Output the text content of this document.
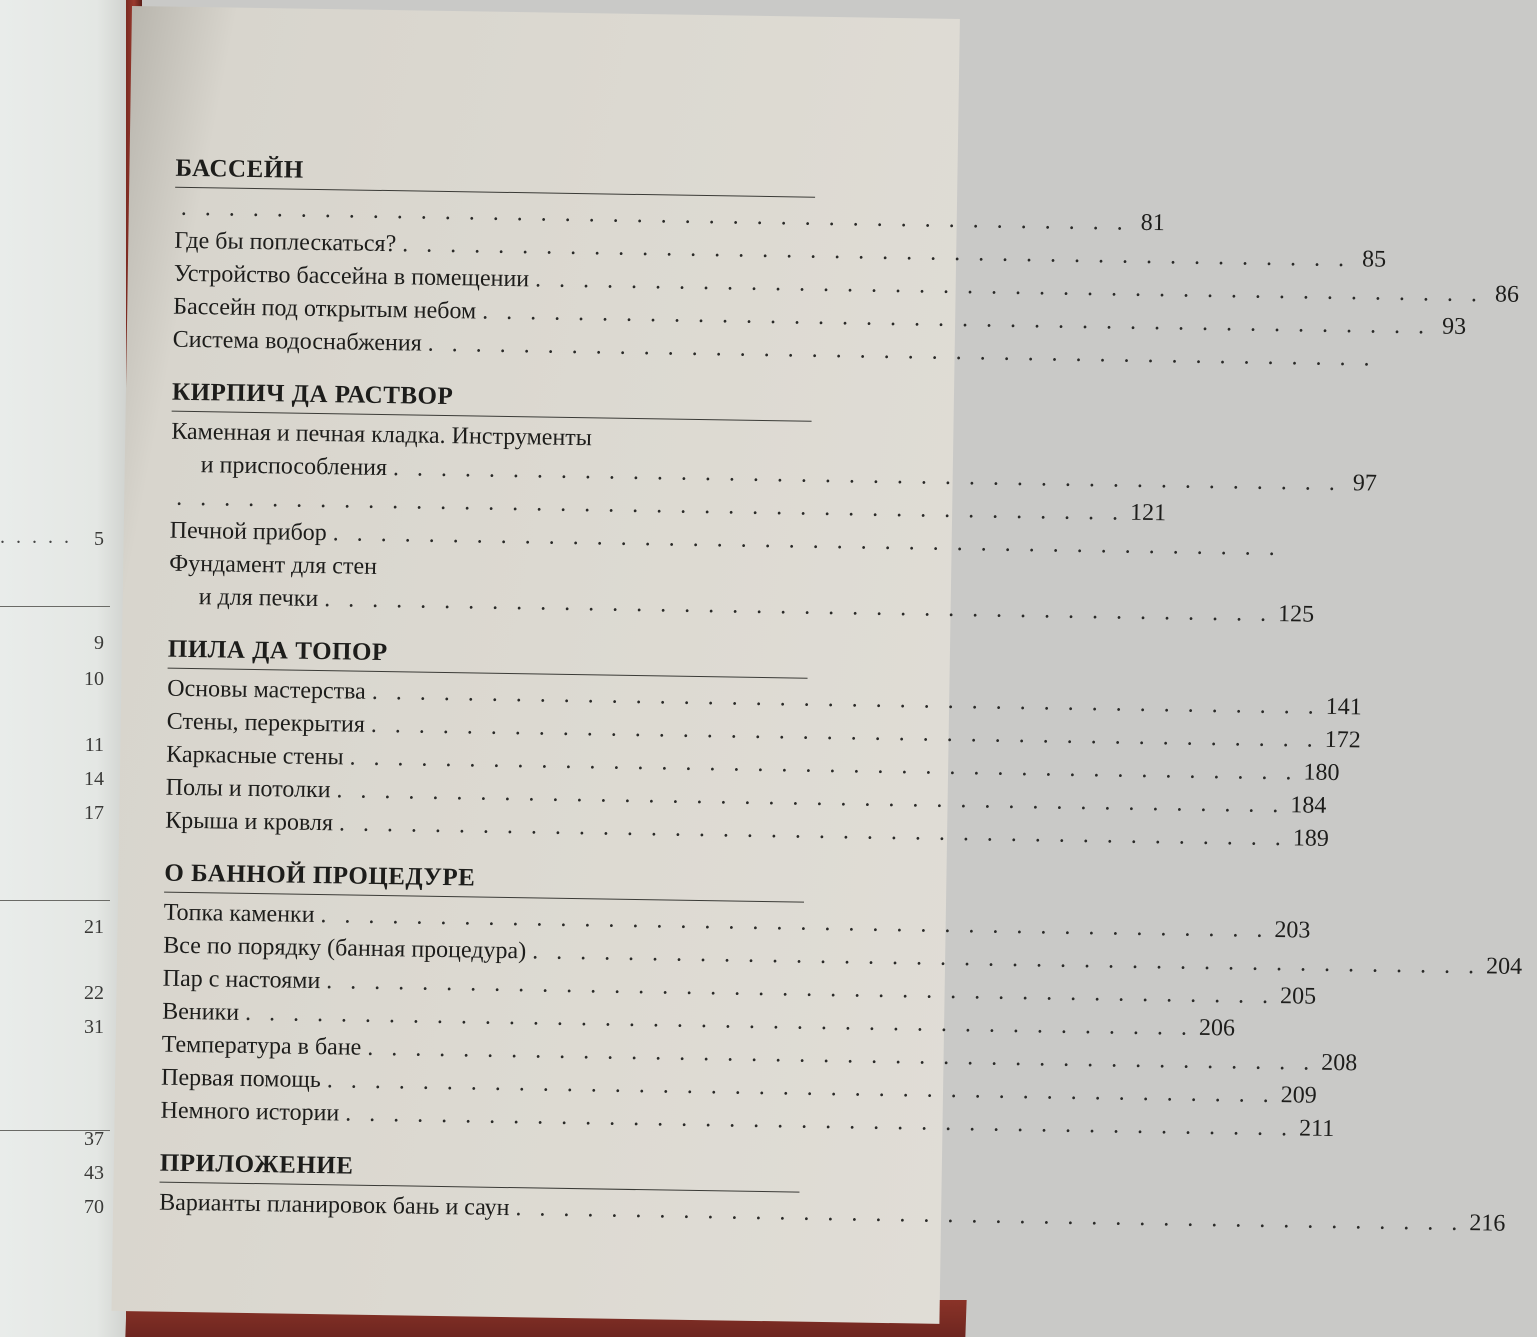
. . . . . 5
9
10
11
14
17
21
22
31
37
43
70
БАССЕЙН
. . . . . . . . . . . . . . . . . . . . . . . . . . . . . . . . . . . . . . . . 81
Где бы поплескаться? . . . . . . . . . . . . . . . . . . . . . . . . . . . . . . . . . . . . . . . . 85
Устройство бассейна в помещении . . . . . . . . . . . . . . . . . . . . . . . . . . . . . . . . . . . . . . . . 86
Бассейн под открытым небом . . . . . . . . . . . . . . . . . . . . . . . . . . . . . . . . . . . . . . . . 93
Система водоснабжения . . . . . . . . . . . . . . . . . . . . . . . . . . . . . . . . . . . . . . . .
КИРПИЧ ДА РАСТВОР
Каменная и печная кладка. Инструменты
и приспособления . . . . . . . . . . . . . . . . . . . . . . . . . . . . . . . . . . . . . . . . 97
. . . . . . . . . . . . . . . . . . . . . . . . . . . . . . . . . . . . . . . . 121
Печной прибор . . . . . . . . . . . . . . . . . . . . . . . . . . . . . . . . . . . . . . . .
Фундамент для стен
и для печки . . . . . . . . . . . . . . . . . . . . . . . . . . . . . . . . . . . . . . . . 125
ПИЛА ДА ТОПОР
Основы мастерства . . . . . . . . . . . . . . . . . . . . . . . . . . . . . . . . . . . . . . . . 141
Стены, перекрытия . . . . . . . . . . . . . . . . . . . . . . . . . . . . . . . . . . . . . . . . 172
Каркасные стены . . . . . . . . . . . . . . . . . . . . . . . . . . . . . . . . . . . . . . . . 180
Полы и потолки . . . . . . . . . . . . . . . . . . . . . . . . . . . . . . . . . . . . . . . . 184
Крыша и кровля . . . . . . . . . . . . . . . . . . . . . . . . . . . . . . . . . . . . . . . . 189
О БАННОЙ ПРОЦЕДУРЕ
Топка каменки . . . . . . . . . . . . . . . . . . . . . . . . . . . . . . . . . . . . . . . . 203
Все по порядку (банная процедура) . . . . . . . . . . . . . . . . . . . . . . . . . . . . . . . . . . . . . . . . 204
Пар с настоями . . . . . . . . . . . . . . . . . . . . . . . . . . . . . . . . . . . . . . . . 205
Веники . . . . . . . . . . . . . . . . . . . . . . . . . . . . . . . . . . . . . . . . 206
Температура в бане . . . . . . . . . . . . . . . . . . . . . . . . . . . . . . . . . . . . . . . . 208
Первая помощь . . . . . . . . . . . . . . . . . . . . . . . . . . . . . . . . . . . . . . . . 209
Немного истории . . . . . . . . . . . . . . . . . . . . . . . . . . . . . . . . . . . . . . . . 211
ПРИЛОЖЕНИЕ
Варианты планировок бань и саун . . . . . . . . . . . . . . . . . . . . . . . . . . . . . . . . . . . . . . . . 216
